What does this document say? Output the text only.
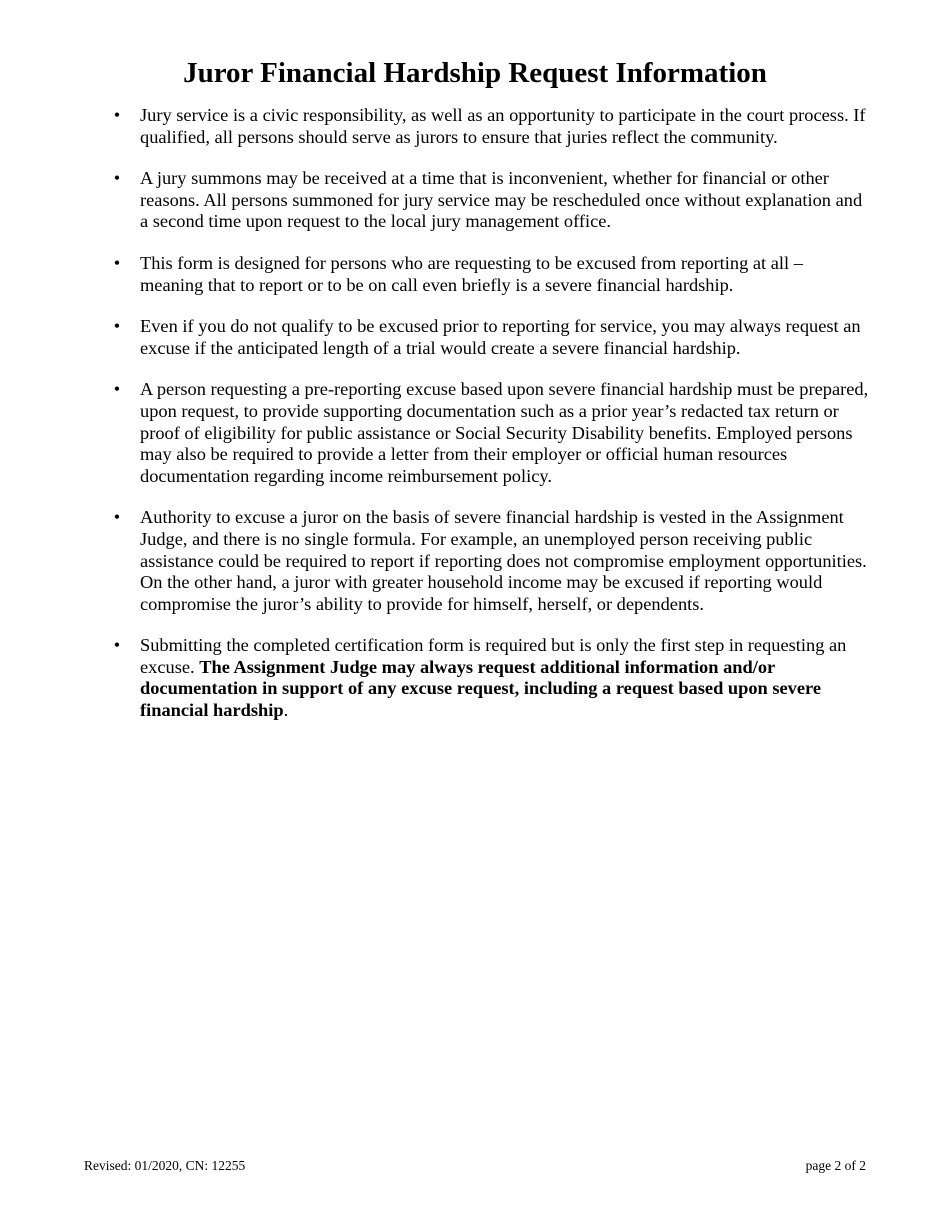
Juror Financial Hardship Request Information
•
Jury service is a civic responsibility, as well as an opportunity to participate in the court process. If qualified, all persons should serve as jurors to ensure that juries reflect the community.
•
A jury summons may be received at a time that is inconvenient, whether for financial or other reasons. All persons summoned for jury service may be rescheduled once without explanation and a second time upon request to the local jury management office.
•
This form is designed for persons who are requesting to be excused from reporting at all – meaning that to report or to be on call even briefly is a severe financial hardship.
•
Even if you do not qualify to be excused prior to reporting for service, you may always request an excuse if the anticipated length of a trial would create a severe financial hardship.
•
A person requesting a pre-reporting excuse based upon severe financial hardship must be prepared, upon request, to provide supporting documentation such as a prior year’s redacted tax return or proof of eligibility for public assistance or Social Security Disability benefits. Employed persons may also be required to provide a letter from their employer or official human resources documentation regarding income reimbursement policy.
•
Authority to excuse a juror on the basis of severe financial hardship is vested in the Assignment Judge, and there is no single formula. For example, an unemployed person receiving public assistance could be required to report if reporting does not compromise employment opportunities. On the other hand, a juror with greater household income may be excused if reporting would compromise the juror’s ability to provide for himself, herself, or dependents.
•
Submitting the completed certification form is required but is only the first step in requesting an excuse. The Assignment Judge may always request additional information and/or documentation in support of any excuse request, including a request based upon severe financial hardship.
Revised: 01/2020, CN: 12255	page 2 of 2
